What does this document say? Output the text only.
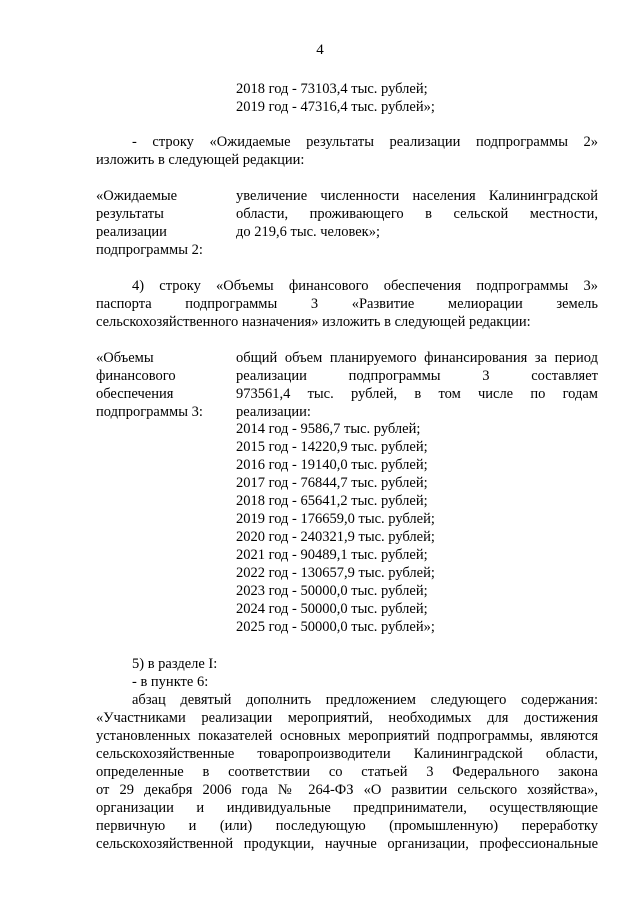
4
2018 год - 73103,4 тыс. рублей;
2019 год - 47316,4 тыс. рублей»;
- строку «Ожидаемые результаты реализации подпрограммы 2»
изложить в следующей редакции:
«Ожидаемые
результаты
реализации
подпрограммы 2:
увеличение численности населения Калининградской
области, проживающего в сельской местности,
до 219,6 тыс. человек»;
4) строку «Объемы финансового обеспечения подпрограммы 3»
паспорта подпрограммы 3 «Развитие мелиорации земель
сельскохозяйственного назначения» изложить в следующей редакции:
«Объемы
финансового
обеспечения
подпрограммы 3:
общий объем планируемого финансирования за период
реализации подпрограммы 3 составляет
973561,4 тыс. рублей, в том числе по годам
реализации:
2014 год - 9586,7 тыс. рублей;
2015 год - 14220,9 тыс. рублей;
2016 год - 19140,0 тыс. рублей;
2017 год - 76844,7 тыс. рублей;
2018 год - 65641,2 тыс. рублей;
2019 год - 176659,0 тыс. рублей;
2020 год - 240321,9 тыс. рублей;
2021 год - 90489,1 тыс. рублей;
2022 год - 130657,9 тыс. рублей;
2023 год - 50000,0 тыс. рублей;
2024 год - 50000,0 тыс. рублей;
2025 год - 50000,0 тыс. рублей»;
5) в разделе I:
- в пункте 6:
абзац девятый дополнить предложением следующего содержания:
«Участниками реализации мероприятий, необходимых для достижения
установленных показателей основных мероприятий подпрограммы, являются
сельскохозяйственные товаропроизводители Калининградской области,
определенные в соответствии со статьей 3 Федерального закона
от 29 декабря 2006 года № 264-ФЗ «О развитии сельского хозяйства»,
организации и индивидуальные предприниматели, осуществляющие
первичную и (или) последующую (промышленную) переработку
сельскохозяйственной продукции, научные организации, профессиональные
